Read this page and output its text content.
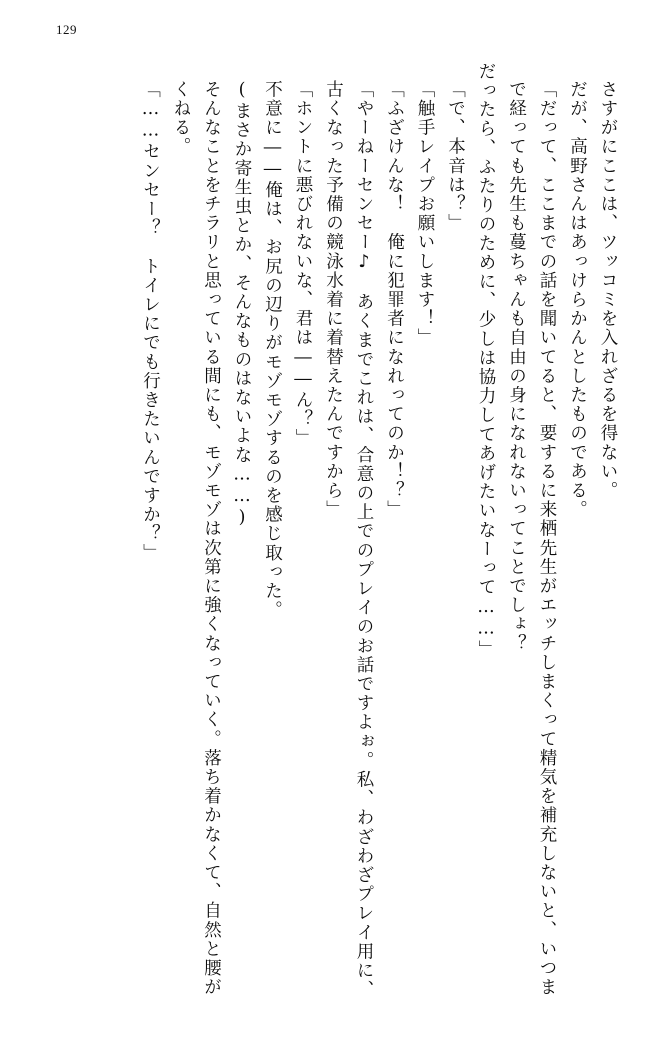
129

さすがにここは、ツッコミを入れざるを得ない。

だが、高野さんはあっけらかんとしたものである。

「だって、ここまでの話を聞いてると、要するに来栖先生がエッチしまくって精気を補充しないと、いつまで経っても先生も蔓ちゃんも自由の身になれないってことでしょ？

だったら、ふたりのために、少しは協力してあげたいなーって……」

「で、本音は？」

「触手レイプお願いします！」

「ふざけんな！　俺に犯罪者になれってのか！？」

「やーねーセンセー♪　あくまでこれは、合意の上でのプレイのお話ですよぉ。私、わざわざプレイ用に、古くなった予備の競泳水着に着替えたんですから」

「ホントに悪びれないな、君は――ん？」

不意に――俺は、お尻の辺りがモゾモゾするのを感じ取った。

(まさか寄生虫とか、そんなものはないよな……)

そんなことをチラリと思っている間にも、モゾモゾは次第に強くなっていく。落ち着かなくて、自然と腰がくねる。

「……センセー？　トイレにでも行きたいんですか？」
